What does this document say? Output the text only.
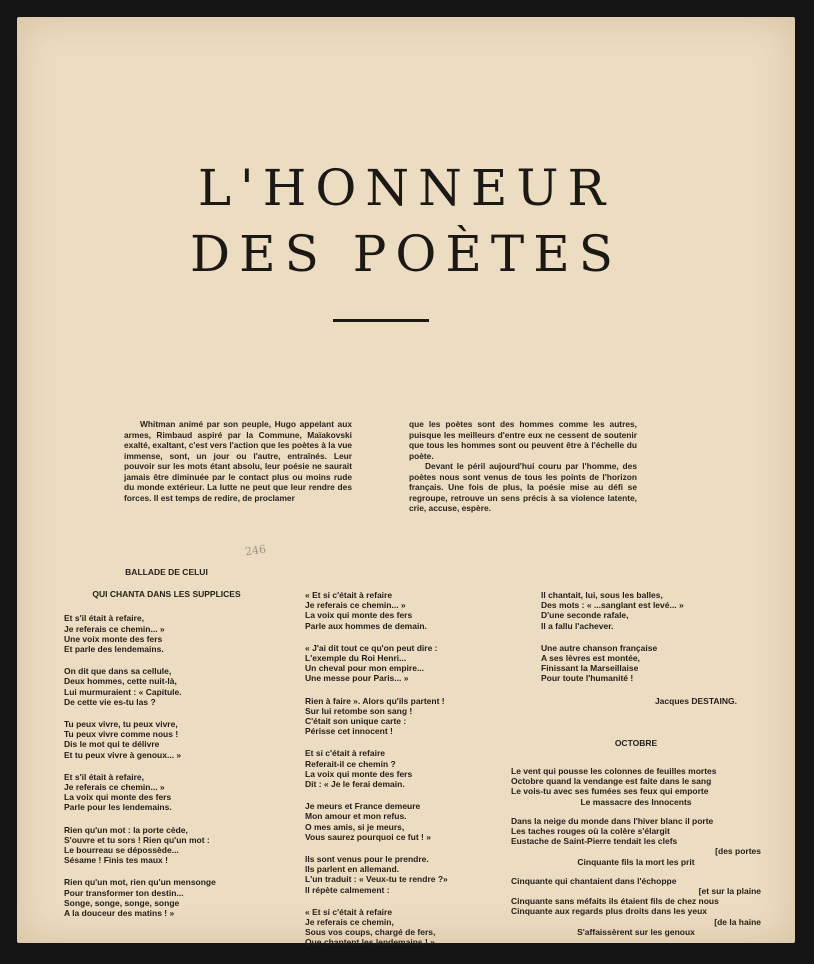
L'HONNEUR
DES POÈTES

Whitman animé par son peuple, Hugo appelant aux armes, Rimbaud aspiré par la Commune, Maïakovski exalté, exaltant, c'est vers l'action que les poètes à la vue immense, sont, un jour ou l'autre, entraînés. Leur pouvoir sur les mots étant absolu, leur poésie ne saurait jamais être diminuée par le contact plus ou moins rude du monde extérieur. La lutte ne peut que leur rendre des forces. Il est temps de redire, de proclamer

que les poètes sont des hommes comme les autres, puisque les meilleurs d'entre eux ne cessent de soutenir que tous les hommes sont ou peuvent être à l'échelle du poète.

Devant le péril aujourd'hui couru par l'homme, des poètes nous sont venus de tous les points de l'horizon français. Une fois de plus, la poésie mise au défi se regroupe, retrouve un sens précis à sa violence latente, crie, accuse, espère.

246
BALLADE DE CELUI
QUI CHANTA DANS LES SUPPLICES
Et s'il était à refaire,
Je referais ce chemin... »
Une voix monte des fers
Et parle des lendemains.
On dit que dans sa cellule,
Deux hommes, cette nuit-là,
Lui murmuraient : « Capitule.
De cette vie es-tu las ?
Tu peux vivre, tu peux vivre,
Tu peux vivre comme nous !
Dis le mot qui te délivre
Et tu peux vivre à genoux... »
Et s'il était à refaire,
Je referais ce chemin... »
La voix qui monte des fers
Parle pour les lendemains.
Rien qu'un mot : la porte cède,
S'ouvre et tu sors ! Rien qu'un mot :
Le bourreau se dépossède...
Sésame ! Finis tes maux !
Rien qu'un mot, rien qu'un mensonge
Pour transformer ton destin...
Songe, songe, songe, songe
A la douceur des matins ! »
« Et si c'était à refaire
Je referais ce chemin... »
La voix qui monte des fers
Parle aux hommes de demain.
« J'ai dit tout ce qu'on peut dire :
L'exemple du Roi Henri...
Un cheval pour mon empire...
Une messe pour Paris... »
Rien à faire ». Alors qu'ils partent !
Sur lui retombe son sang !
C'était son unique carte :
Périsse cet innocent !
Et si c'était à refaire
Referait-il ce chemin ?
La voix qui monte des fers
Dit : « Je le ferai demain.
Je meurs et France demeure
Mon amour et mon refus.
O mes amis, si je meurs,
Vous saurez pourquoi ce fut ! »
Ils sont venus pour le prendre.
Ils parlent en allemand.
L'un traduit : « Veux-tu te rendre ?»
Il répète calmement :
« Et si c'était à refaire
Je referais ce chemin,
Sous vos coups, chargé de fers,
Que chantent les lendemains ! »
Il chantait, lui, sous les balles,
Des mots : « ...sanglant est levé... »
D'une seconde rafale,
Il a fallu l'achever.
Une autre chanson française
A ses lèvres est montée,
Finissant la Marseillaise
Pour toute l'humanité !
Jacques DESTAING.
OCTOBRE
Le vent qui pousse les colonnes de feuilles mortes
Octobre quand la vendange est faite dans le sang
Le vois-tu avec ses fumées ses feux qui emporte
Le massacre des Innocents
Dans la neige du monde dans l'hiver blanc il porte
Les taches rouges où la colère s'élargit
Eustache de Saint-Pierre tendait les clefs
[des portes
Cinquante fils la mort les prit
Cinquante qui chantaient dans l'échoppe
[et sur la plaine
Cinquante sans méfaits ils étaient fils de chez nous
Cinquante aux regards plus droits dans les yeux
[de la haine
S'affaissèrent sur les genoux
